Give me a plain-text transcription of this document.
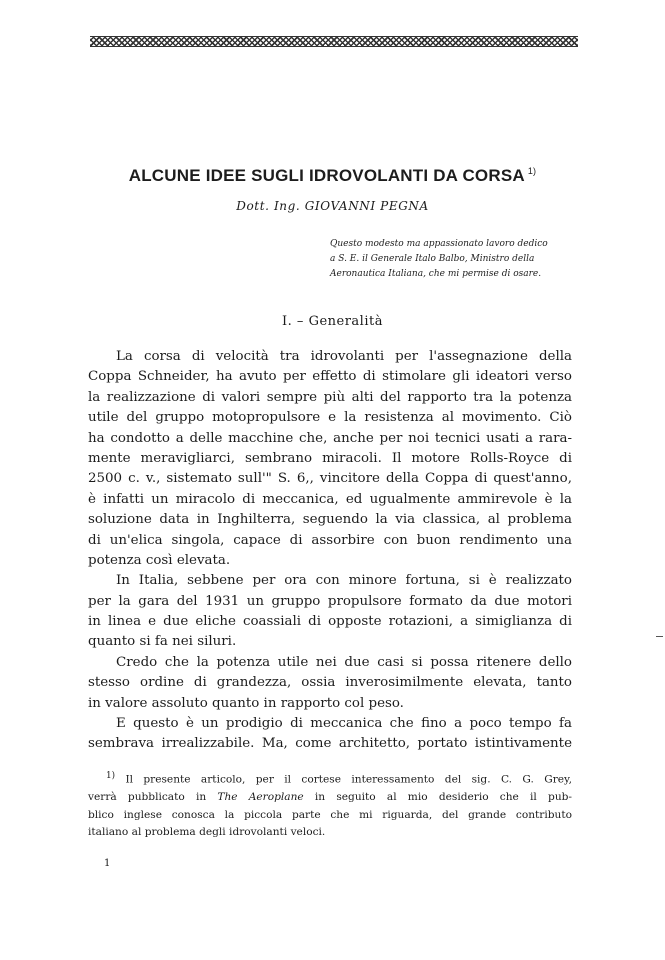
ALCUNE IDEE SUGLI IDROVOLANTI DA CORSA $^{1)}$
Dott. Ing. GIOVANNI PEGNA
Questo modesto ma appassionato lavoro dedico
a S. E. il Generale Italo Balbo, Ministro della
Aeronautica Italiana, che mi permise di osare.
I. – Generalità
La corsa di velocità tra idrovolanti per l'assegnazione della
Coppa Schneider, ha avuto per effetto di stimolare gli ideatori verso
la realizzazione di valori sempre più alti del rapporto tra la potenza
utile del gruppo motopropulsore e la resistenza al movimento. Ciò
ha condotto a delle macchine che, anche per noi tecnici usati a rara-
mente meravigliarci, sembrano miracoli. Il motore Rolls-Royce di
2500 c. v., sistemato sull'" S. 6,, vincitore della Coppa di quest'anno,
è infatti un miracolo di meccanica, ed ugualmente ammirevole è la
soluzione data in Inghilterra, seguendo la via classica, al problema
di un'elica singola, capace di assorbire con buon rendimento una
potenza così elevata.
In Italia, sebbene per ora con minore fortuna, si è realizzato
per la gara del 1931 un gruppo propulsore formato da due motori
in linea e due eliche coassiali di opposte rotazioni, a simiglianza di
quanto si fa nei siluri.
Credo che la potenza utile nei due casi si possa ritenere dello
stesso ordine di grandezza, ossia inverosimilmente elevata, tanto
in valore assoluto quanto in rapporto col peso.
E questo è un prodigio di meccanica che fino a poco tempo fa
sembrava irrealizzabile. Ma, come architetto, portato istintivamente
$^{1)}$ Il presente articolo, per il cortese interessamento del sig. C. G. Grey,
verrà pubblicato in The Aeroplane in seguito al mio desiderio che il pub-
blico inglese conosca la piccola parte che mi riguarda, del grande contributo
italiano al problema degli idrovolanti veloci.
1
